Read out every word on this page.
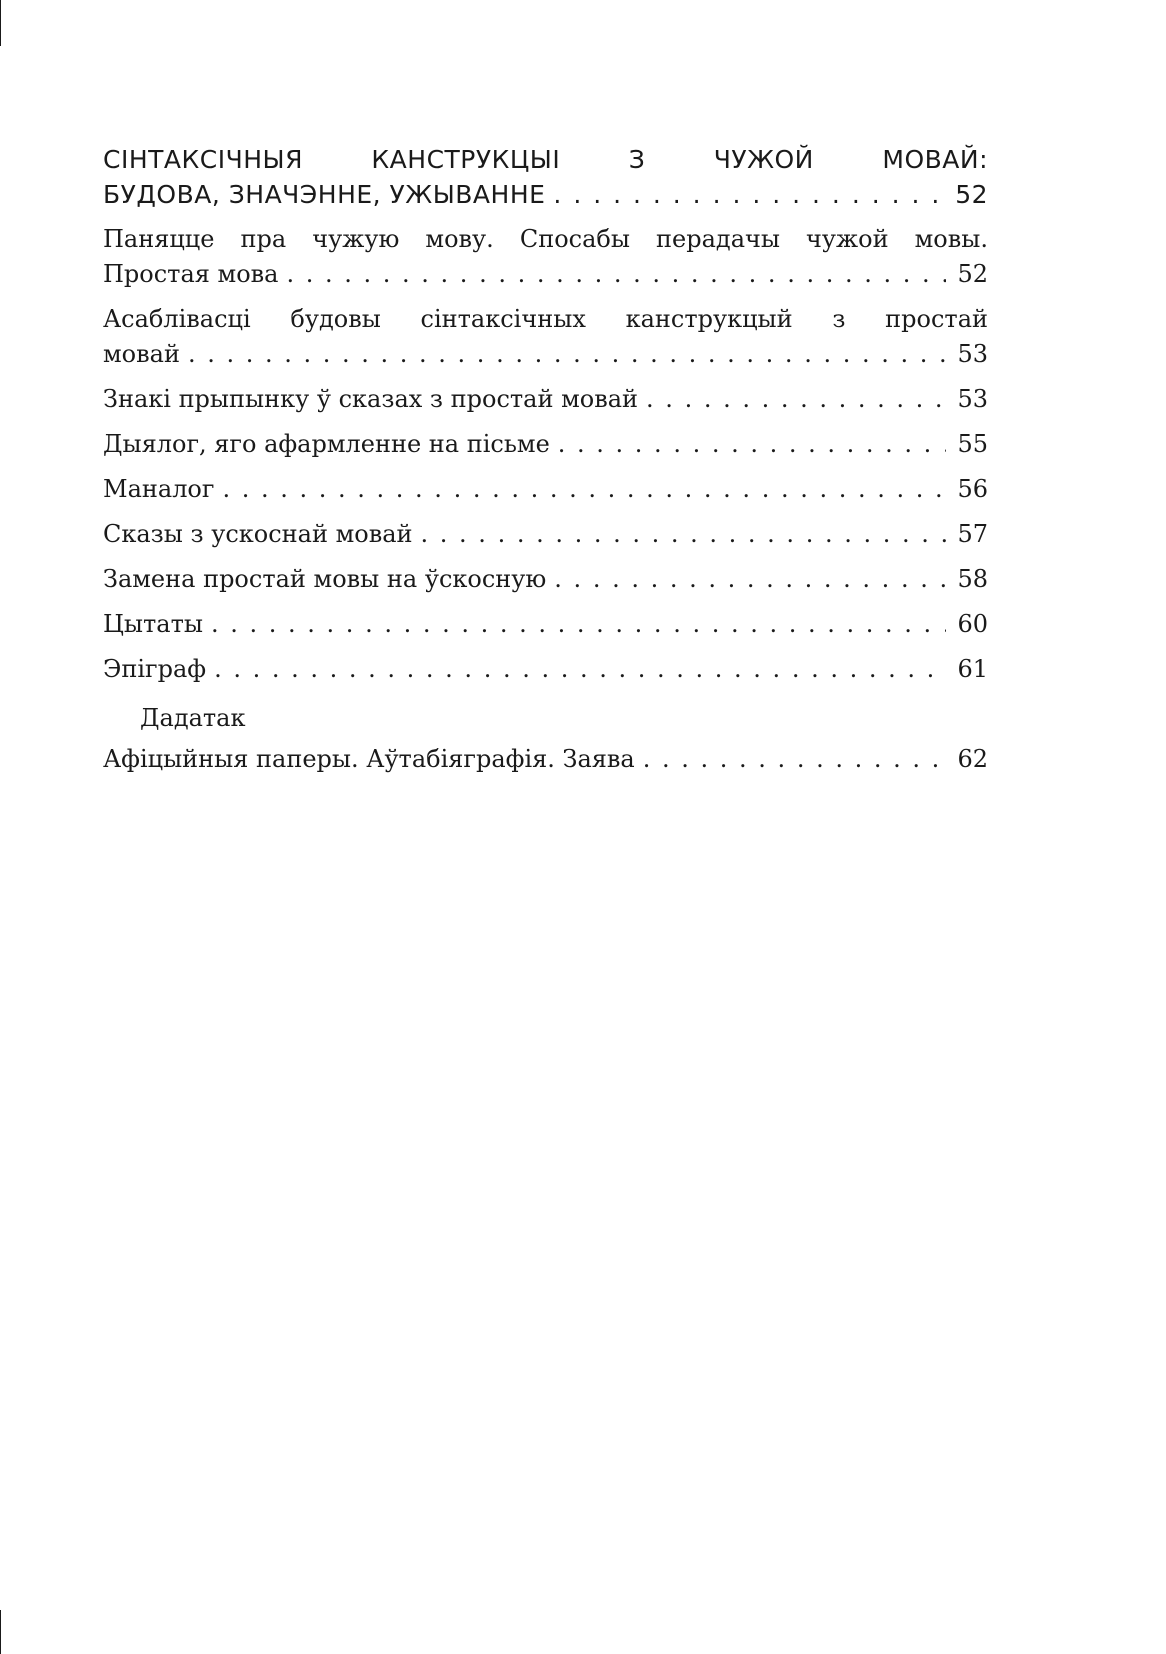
СІНТАКСІЧНЫЯ КАНСТРУКЦЫІ З ЧУЖОЙ МОВАЙ:
БУДОВА, ЗНАЧЭННЕ, УЖЫВАННЕ . . .	52
Паняцце пра чужую мову. Спосабы перадачы чужой мовы.
Простая мова . . .	52
Асаблівасці будовы сінтаксічных канструкцый з простай
мовай . . .	53
Знакі прыпынку ў сказах з простай мовай . . .	53
Дыялог, яго афармленне на пісьме . . .	55
Маналог . . .	56
Сказы з ускоснай мовай . . .	57
Замена простай мовы на ўскосную . . .	58
Цытаты . . .	60
Эпіграф . . .	61
Дадатак
Афіцыйныя паперы. Аўтабіяграфія. Заява . . .	62
